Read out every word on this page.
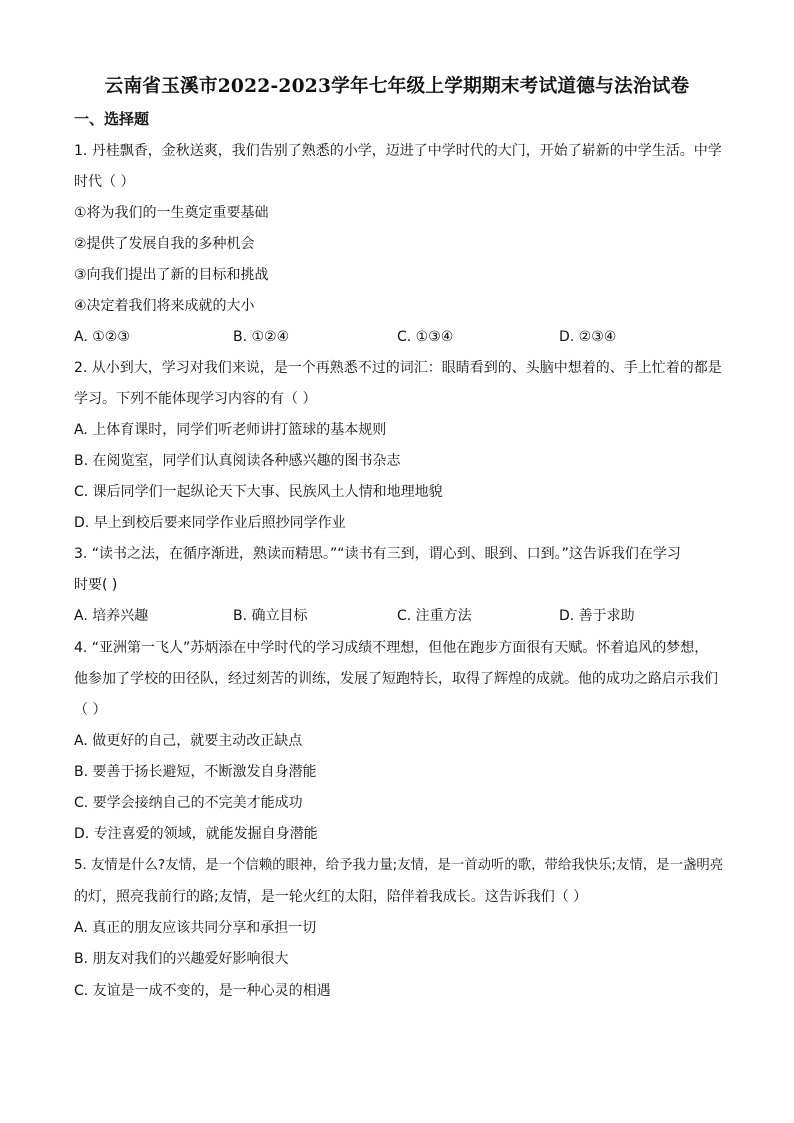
云南省玉溪市2022-2023学年七年级上学期期末考试道德与法治试卷
一、选择题
1. 丹桂飘香，金秋送爽，我们告别了熟悉的小学，迈进了中学时代的大门，开始了崭新的中学生活。中学
时代（ ）
①将为我们的一生奠定重要基础
②提供了发展自我的多种机会
③向我们提出了新的目标和挑战
④决定着我们将来成就的大小
A. ①②③	B. ①②④	C. ①③④	D. ②③④
2. 从小到大，学习对我们来说，是一个再熟悉不过的词汇：眼睛看到的、头脑中想着的、手上忙着的都是
学习。下列不能体现学习内容的有（ ）
A. 上体育课时，同学们听老师讲打篮球的基本规则
B. 在阅览室，同学们认真阅读各种感兴趣的图书杂志
C. 课后同学们一起纵论天下大事、民族风土人情和地理地貌
D. 早上到校后要来同学作业后照抄同学作业
3. “读书之法，在循序渐进，熟读而精思。”“读书有三到，谓心到、眼到、口到。”这告诉我们在学习
时要( )
A. 培养兴趣	B. 确立目标	C. 注重方法	D. 善于求助
4. “亚洲第一飞人”苏炳添在中学时代的学习成绩不理想，但他在跑步方面很有天赋。怀着追风的梦想，
他参加了学校的田径队，经过刻苦的训练，发展了短跑特长，取得了辉煌的成就。他的成功之路启示我们
（ ）
A. 做更好的自己，就要主动改正缺点
B. 要善于扬长避短，不断激发自身潜能
C. 要学会接纳自己的不完美才能成功
D. 专注喜爱的领域，就能发掘自身潜能
5. 友情是什么?友情，是一个信赖的眼神，给予我力量;友情，是一首动听的歌，带给我快乐;友情，是一盏明亮
的灯，照亮我前行的路;友情，是一轮火红的太阳，陪伴着我成长。这告诉我们（ ）
A. 真正的朋友应该共同分享和承担一切
B. 朋友对我们的兴趣爱好影响很大
C. 友谊是一成不变的，是一种心灵的相遇
